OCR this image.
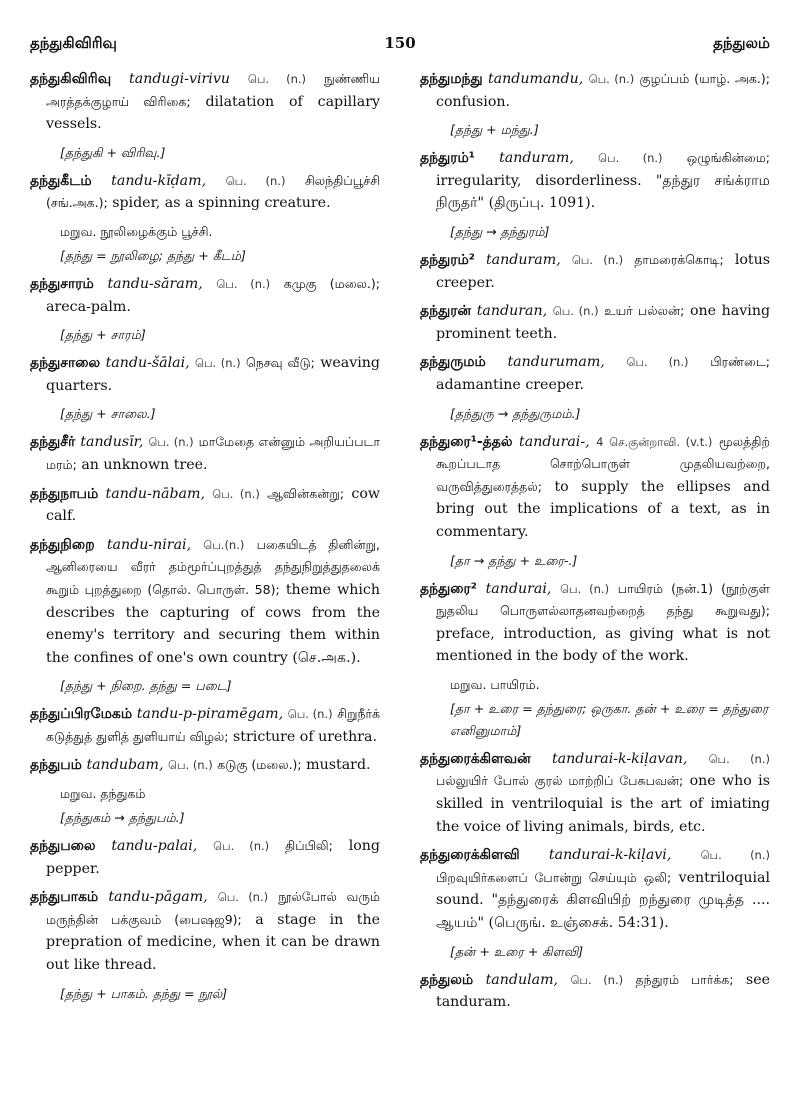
தந்துகிவிரிவு	150	தந்துலம்
தந்துகிவிரிவு tandugi-virivu பெ. (n.) நுண்ணிய அரத்தக்குழாய் விரிகை; dilatation of capillary vessels.
[தந்துகி + விரிவு.]
தந்துகீடம் tandu-kīḍam, பெ. (n.) சிலந்திப்பூச்சி (சங்.அக.); spider, as a spinning creature.
மறுவ. நூலிழைக்கும் பூச்சி.
[தந்து = நூலிழை; தந்து + கீடம்]
தந்துசாரம் tandu-săram, பெ. (n.) கமுகு (மலை.); areca-palm.
[தந்து + சாரம்]
தந்துசாலை tandu-šālai, பெ. (n.) நெசவு வீடு; weaving quarters.
[தந்து + சாலை.]
தந்துசீர் tandusīr, பெ. (n.) மாமேதை என்னும் அறியப்படா மரம்; an unknown tree.
தந்துநாபம் tandu-nābam, பெ. (n.) ஆவின்கன்று; cow calf.
தந்துநிறை tandu-nirai, பெ.(n.) பகையிடத் தினின்று, ஆனிரையை வீரர் தம்மூர்ப்புறத்துத் தந்துநிறுத்துதலைக் கூறும் புறத்துறை (தொல். பொருள். 58); theme which describes the capturing of cows from the enemy's territory and securing them within the confines of one's own country (செ.அக.).
[தந்து + நிறை. தந்து = படை]
தந்துப்பிரமேகம் tandu-p-piramēgam, பெ. (n.) சிறுநீர்க் கடுத்துத் துளித் துளியாய் விழல்; stricture of urethra.
தந்துபம் tandubam, பெ. (n.) கடுகு (மலை.); mustard.
மறுவ. தந்துகம்
[தந்துகம் → தந்துபம்.]
தந்துபலை tandu-palai, பெ. (n.) திப்பிலி; long pepper.
தந்துபாகம் tandu-pāgam, பெ. (n.) நூல்போல் வரும் மருந்தின் பக்குவம் (பைஷஜ9); a stage in the prepration of medicine, when it can be drawn out like thread.
[தந்து + பாகம். தந்து = நூல்]
தந்துமந்து tandumandu, பெ. (n.) குழப்பம் (யாழ். அக.); confusion.
[தந்து + மந்து.]
தந்துரம்¹ tanduram, பெ. (n.) ஒழுங்கின்மை; irregularity, disorderliness. "தந்துர சங்க்ராம நிருதர்" (திருப்பு. 1091).
[தந்து → தந்துரம்]
தந்துரம்² tanduram, பெ. (n.) தாமரைக்கொடி; lotus creeper.
தந்துரன் tanduran, பெ. (n.) உயர் பல்லன்; one having prominent teeth.
தந்துருமம் tandurumam, பெ. (n.) பிரண்டை; adamantine creeper.
[தந்துரு → தந்துருமம்.]
தந்துரை¹-த்தல் tandurai-, 4 செ.குன்றாவி. (v.t.) மூலத்திற் கூறப்படாத சொற்பொருள் முதலியவற்றை, வருவித்துரைத்தல்; to supply the ellipses and bring out the implications of a text, as in commentary.
[தா → தந்து + உரை-.]
தந்துரை² tandurai, பெ. (n.) பாயிரம் (நன்.1) (நூற்குள் நுதலிய பொருளல்லாதனவற்றைத் தந்து கூறுவது); preface, introduction, as giving what is not mentioned in the body of the work.
மறுவ. பாயிரம்.
[தா + உரை = தந்துரை; ஒருகா. தன் + உரை = தந்துரை எனினுமாம்]
தந்துரைக்கிளவன் tandurai-k-kiḷavan, பெ. (n.) பல்லுயிர் போல் குரல் மாற்றிப் பேசுபவன்; one who is skilled in ventriloquial is the art of imiating the voice of living animals, birds, etc.
தந்துரைக்கிளவி tandurai-k-kiḷavi,	பெ. (n.) பிறவுயிர்களைப் போன்று செய்யும் ஒலி; ventriloquial sound. "தந்துரைக் கிளவியிற் றந்துரை முடித்த .... ஆயம்" (பெருங். உஞ்சைக். 54:31).
[தன் + உரை + கிளவி]
தந்துலம் tandulam, பெ. (n.) தந்துரம் பார்க்க; see tanduram.
